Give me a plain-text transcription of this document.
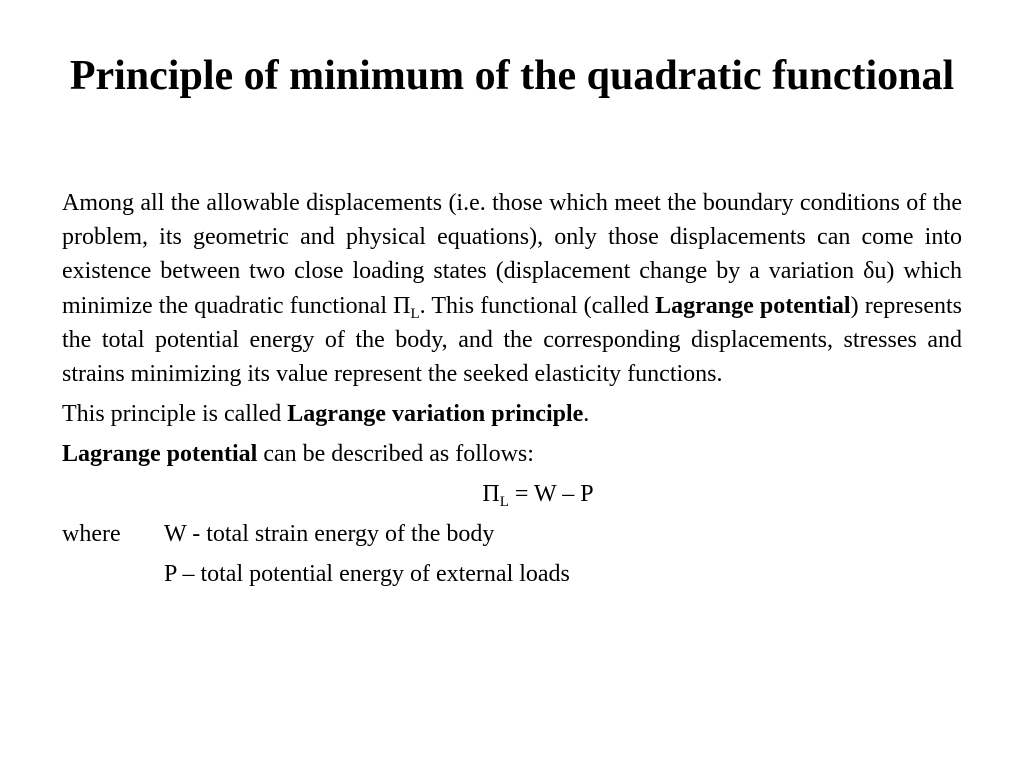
Principle of minimum of the quadratic functional

Among all the allowable displacements (i.e. those which meet the boundary conditions of the problem, its geometric and physical equations), only those displacements can come into existence between two close loading states (displacement change by a variation δu) which minimize the quadratic functional $\Pi_L$. This functional (called Lagrange potential) represents the total potential energy of the body, and the corresponding displacements, stresses and strains minimizing its value represent the seeked elasticity functions.

This principle is called Lagrange variation principle.

Lagrange potential can be described as follows:

$\Pi_L = W - P$

where	W - total strain energy of the body
P – total potential energy of external loads
